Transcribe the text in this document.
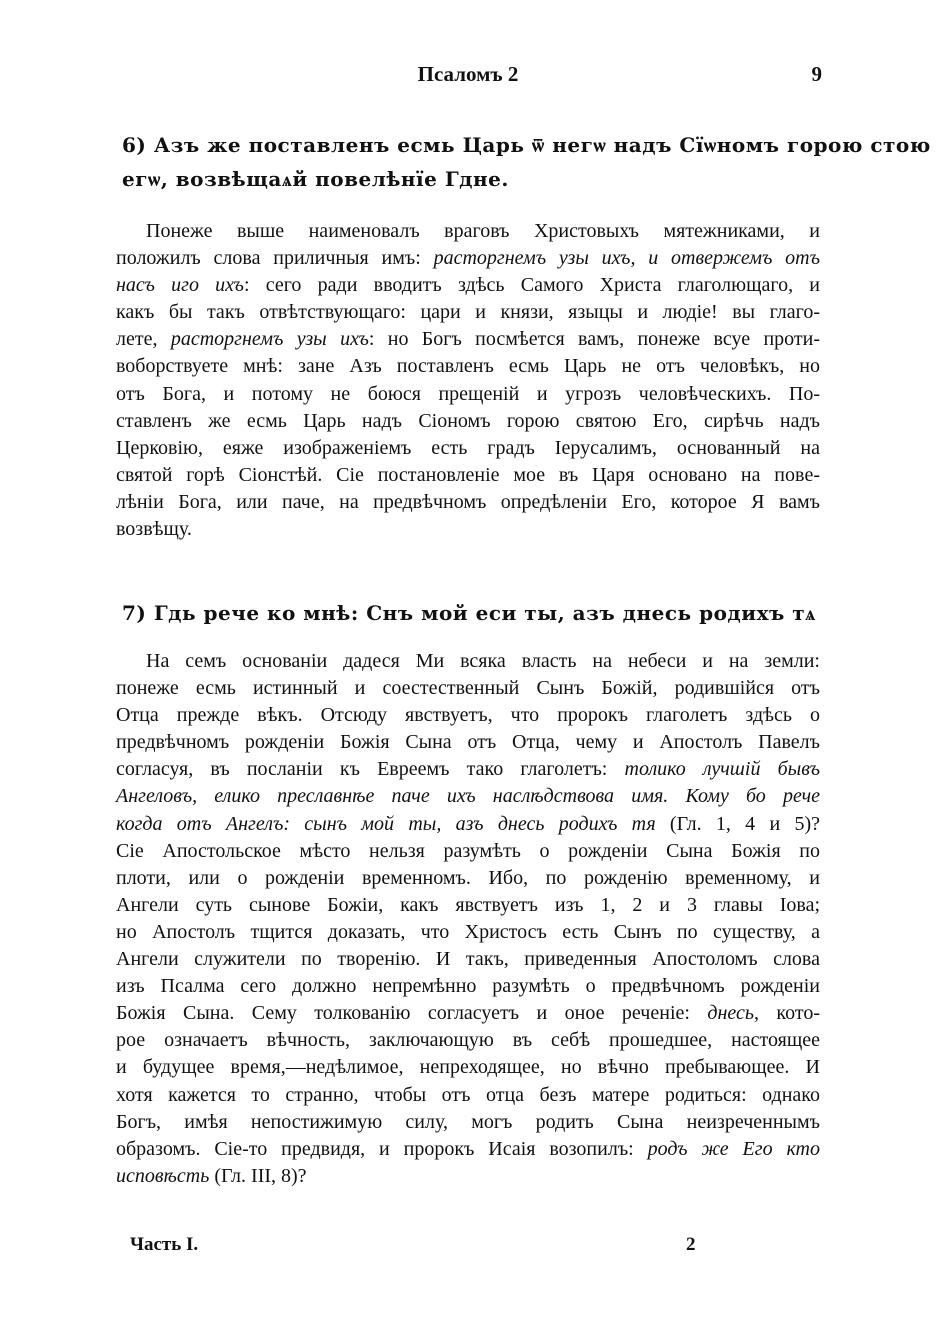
Псаломъ 2	9
6) Азъ же поставленъ есмь Царь ѿ негѡ надъ Сїѡномъ горою стою
егѡ, возвѣщаѧй повелѣнїе Гдне.
Понеже выше наименовалъ враговъ Христовыхъ мятежниками, и
положилъ слова приличныя имъ: расторгнемъ узы ихъ, и отвержемъ отъ
насъ иго ихъ: сего ради вводитъ здѣсь Самого Христа глаголющаго, и
какъ бы такъ отвѣтствующаго: цари и князи, языцы и людіе! вы глаго-
лете, расторгнемъ узы ихъ: но Богъ посмѣется вамъ, понеже всуе проти-
воборствуете мнѣ: зане Азъ поставленъ есмь Царь не отъ человѣкъ, но
отъ Бога, и потому не боюся прещеній и угрозъ человѣческихъ. По-
ставленъ же есмь Царь надъ Сіономъ горою святою Его, сирѣчь надъ
Церковію, еяже изображеніемъ есть градъ Іерусалимъ, основанный на
святой горѣ Сіонстѣй. Сіе постановленіе мое въ Царя основано на повe-
лѣніи Бога, или паче, на предвѣчномъ опредѣленіи Его, которое Я вамъ
возвѣщу.
7) Гдь рече ко мнѣ: Снъ мой еси ты, азъ днесь родихъ тѧ
На семъ основаніи дадеся Ми всяка власть на небеси и на земли:
понеже есмь истинный и соестественный Сынъ Божій, родившійся отъ
Отца прежде вѣкъ. Отсюду явствуетъ, что пророкъ глаголетъ здѣсь о
предвѣчномъ рожденіи Божія Сына отъ Отца, чему и Апостолъ Павелъ
согласуя, въ посланіи къ Евреемъ тако глаголетъ: толико лучшій бывъ
Ангеловъ, елико преславнѣе паче ихъ наслѣдствова имя. Кому бо рече
когда отъ Ангелъ: сынъ мой ты, азъ днесь родихъ тя (Гл. 1, 4 и 5)?
Сіе Апостольское мѣсто нельзя разумѣть о рожденіи Сына Божія по
плоти, или о рожденіи временномъ. Ибо, по рожденію временному, и
Ангели суть сынове Божіи, какъ явствуетъ изъ 1, 2 и 3 главы Іова;
но Апостолъ тщится доказать, что Христосъ есть Сынъ по существу, а
Ангели служители по творенію. И такъ, приведенныя Апостоломъ слова
изъ Псалма сего должно непремѣнно разумѣть о предвѣчномъ рожденіи
Божія Сына. Сему толкованію согласуетъ и оное реченіе: днесь, кото-
рое означаетъ вѣчность, заключающую въ себѣ прошедшее, настоящее
и будущее время,—недѣлимое, непреходящее, но вѣчно пребывающее. И
хотя кажется то странно, чтобы отъ отца безъ матере родиться: однако
Богъ, имѣя непостижимую силу, могъ родить Сына неизреченнымъ
образомъ. Сіе-то предвидя, и пророкъ Исаія возопилъ: родъ же Его кто
исповѣсть (Гл. III, 8)?
Часть I.	2
